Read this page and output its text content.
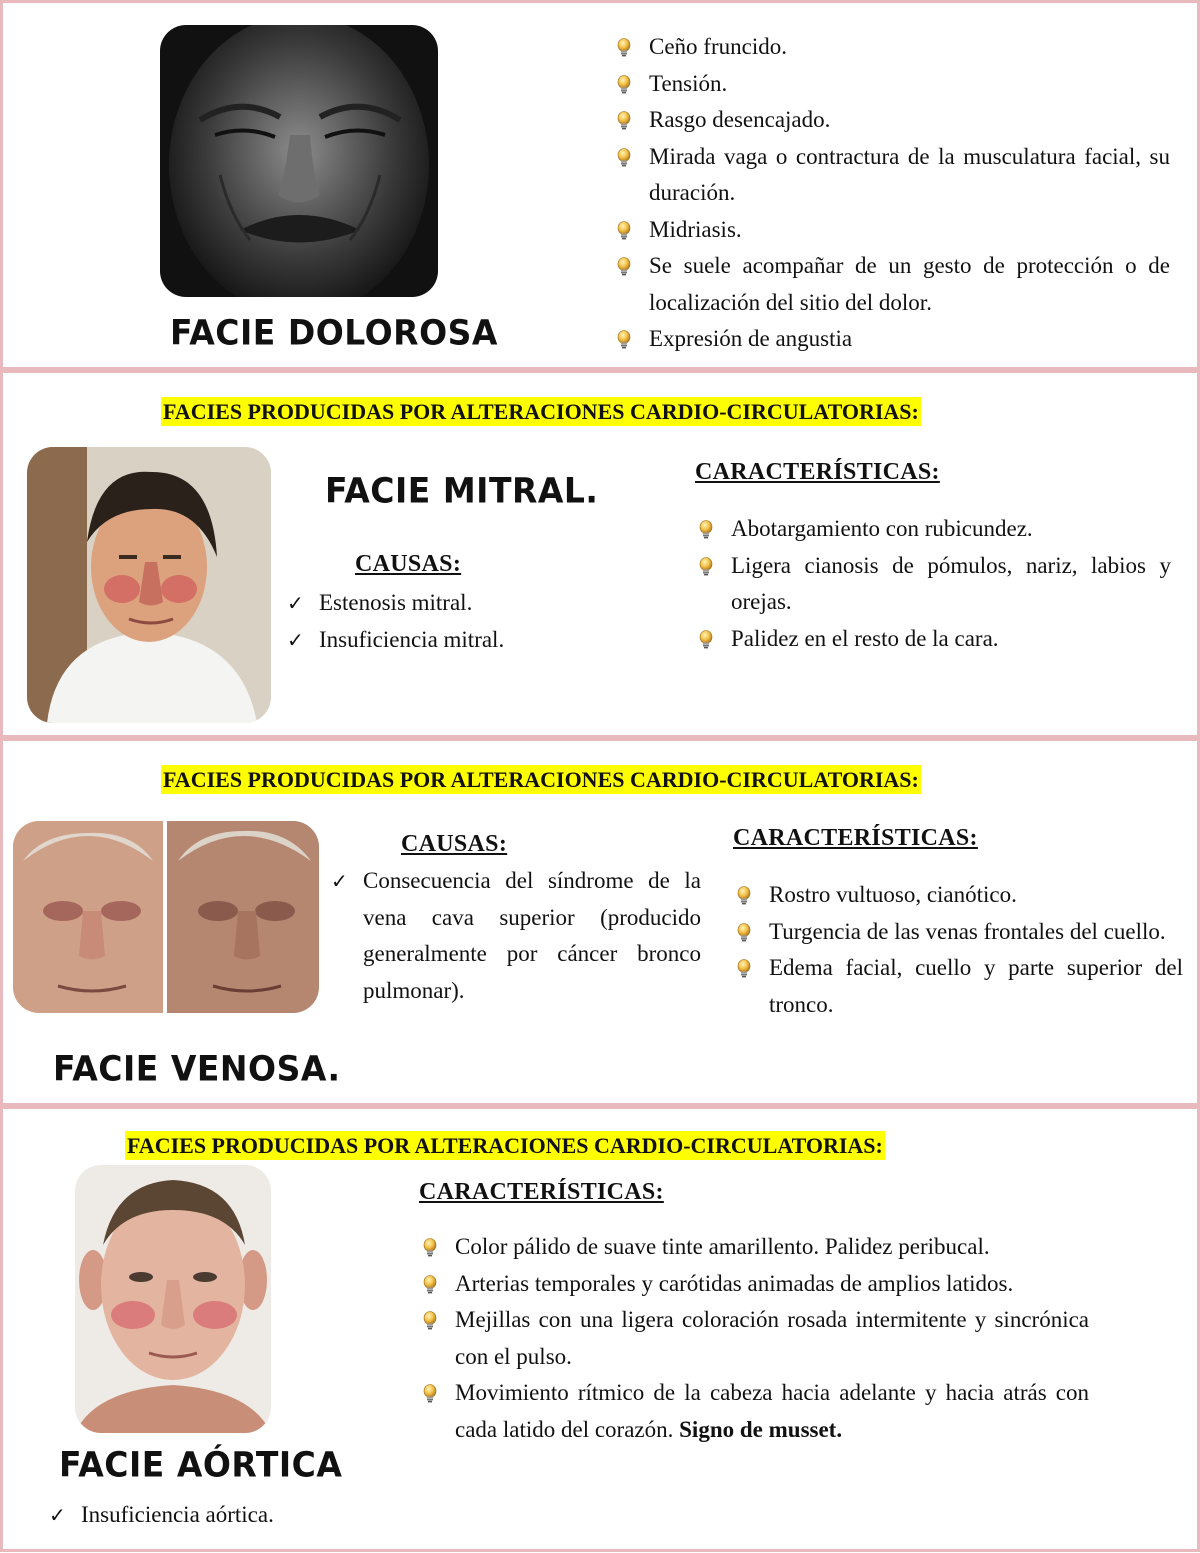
FACIE DOLOROSA
Ceño fruncido.
Tensión.
Rasgo desencajado.
Mirada vaga o contractura de la musculatura facial, su duración.
Midriasis.
Se suele acompañar de un gesto de protección o de localización del sitio del dolor.
Expresión de angustia
FACIES PRODUCIDAS POR ALTERACIONES CARDIO-CIRCULATORIAS:
FACIE MITRAL.
CAUSAS:
✓ Estenosis mitral.
✓ Insuficiencia mitral.
CARACTERÍSTICAS:
Abotargamiento con rubicundez.
Ligera cianosis de pómulos, nariz, labios y orejas.
Palidez en el resto de la cara.
FACIES PRODUCIDAS POR ALTERACIONES CARDIO-CIRCULATORIAS:
FACIE VENOSA.
CAUSAS:
✓ Consecuencia del síndrome de la vena cava superior (producido generalmente por cáncer bronco pulmonar).
CARACTERÍSTICAS:
Rostro vultuoso, cianótico.
Turgencia de las venas frontales del cuello.
Edema facial, cuello y parte superior del tronco.
FACIES PRODUCIDAS POR ALTERACIONES CARDIO-CIRCULATORIAS:
FACIE AÓRTICA
✓ Insuficiencia aórtica.
CARACTERÍSTICAS:
Color pálido de suave tinte amarillento. Palidez peribucal.
Arterias temporales y carótidas animadas de amplios latidos.
Mejillas con una ligera coloración rosada intermitente y sincrónica con el pulso.
Movimiento rítmico de la cabeza hacia adelante y hacia atrás con cada latido del corazón. Signo de musset.
